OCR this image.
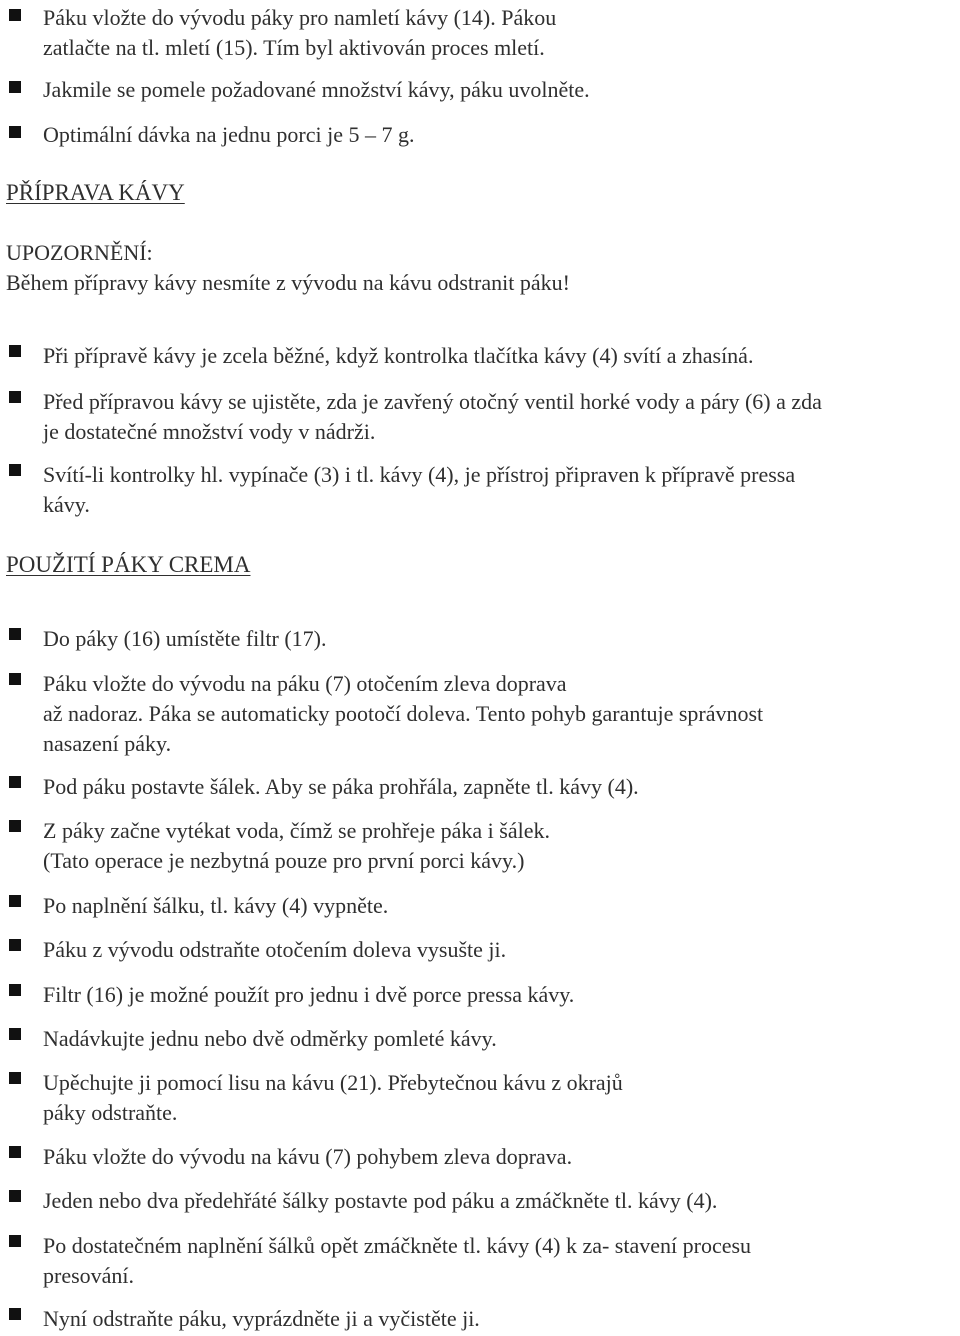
Páku vložte do vývodu páky pro namletí kávy (14). Pákou
zatlačte na tl. mletí (15). Tím byl aktivován proces mletí.
Jakmile se pomele požadované množství kávy, páku uvolněte.
Optimální dávka na jednu porci je 5 – 7 g.
PŘÍPRAVA KÁVY
UPOZORNĚNÍ:
Během přípravy kávy nesmíte z vývodu na kávu odstranit páku!
Při přípravě kávy je zcela běžné, když kontrolka tlačítka kávy (4) svítí a zhasíná.
Před přípravou kávy se ujistěte, zda je zavřený otočný ventil horké vody a páry (6) a zda
je dostatečné množství vody v nádrži.
Svítí-li kontrolky hl. vypínače (3) i tl. kávy (4), je přístroj připraven k přípravě pressa
kávy.
POUŽITÍ PÁKY CREMA
Do páky (16) umístěte filtr (17).
Páku vložte do vývodu na páku (7) otočením zleva doprava
až nadoraz. Páka se automaticky pootočí doleva. Tento pohyb garantuje správnost
nasazení páky.
Pod páku postavte šálek. Aby se páka prohřála, zapněte tl. kávy (4).
Z páky začne vytékat voda, čímž se prohřeje páka i šálek.
(Tato operace je nezbytná pouze pro první porci kávy.)
Po naplnění šálku, tl. kávy (4) vypněte.
Páku z vývodu odstraňte otočením doleva vysušte ji.
Filtr (16) je možné použít pro jednu i dvě porce pressa kávy.
Nadávkujte jednu nebo dvě odměrky pomleté kávy.
Upěchujte ji pomocí lisu na kávu (21). Přebytečnou kávu z okrajů
páky odstraňte.
Páku vložte do vývodu na kávu (7) pohybem zleva doprava.
Jeden nebo dva předehřáté šálky postavte pod páku a zmáčkněte tl. kávy (4).
Po dostatečném naplnění šálků opět zmáčkněte tl. kávy (4) k za- stavení procesu
presování.
Nyní odstraňte páku, vyprázdněte ji a vyčistěte ji.
